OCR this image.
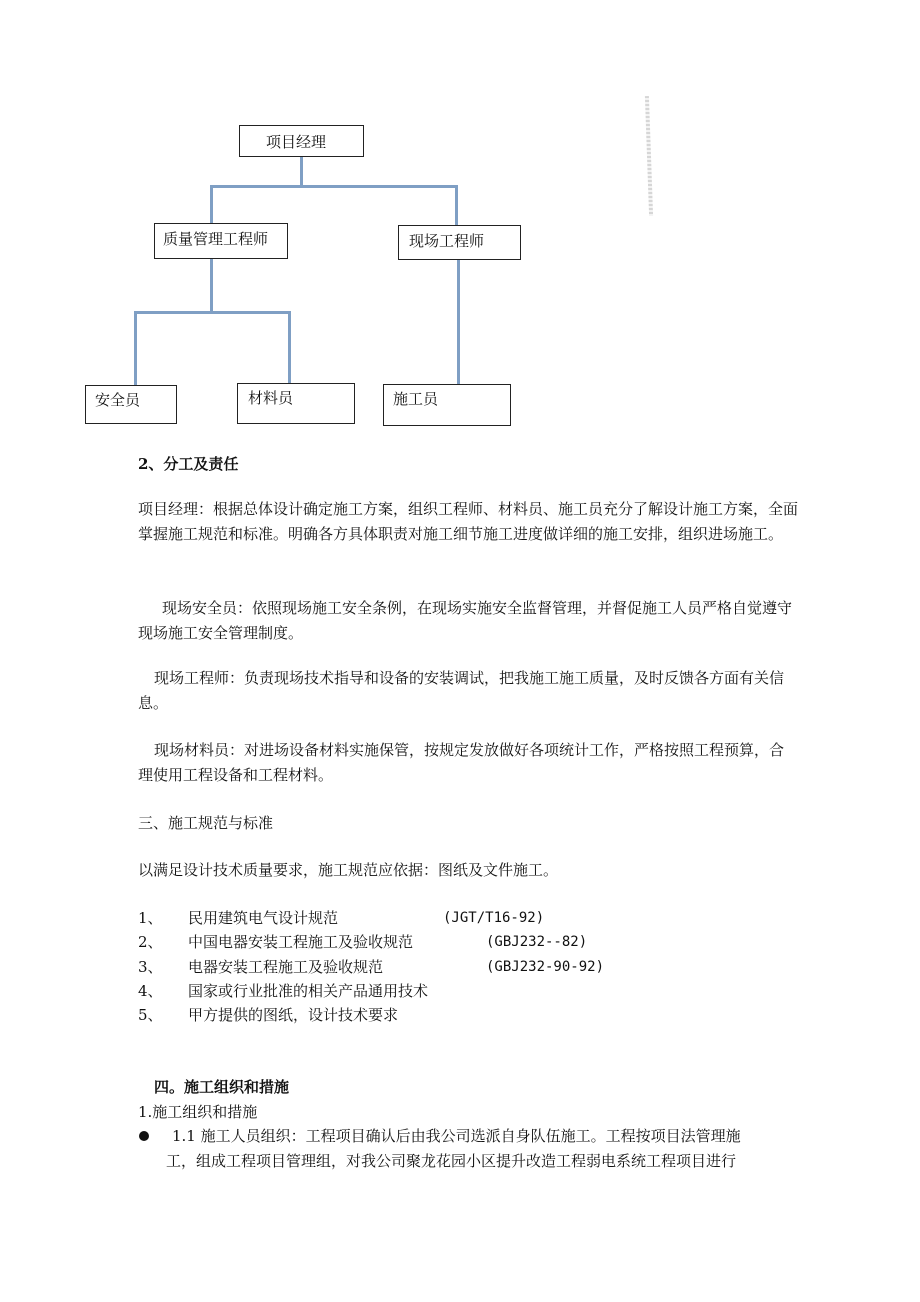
项目经理
质量管理工程师	现场工程师
安全员	材料员	施工员
2、分工及责任
项目经理：根据总体设计确定施工方案，组织工程师、材料员、施工员充分了解设计施工方案，全面掌握施工规范和标准。明确各方具体职责对施工细节施工进度做详细的施工安排，组织进场施工。
现场安全员：依照现场施工安全条例，在现场实施安全监督管理，并督促施工人员严格自觉遵守现场施工安全管理制度。
现场工程师：负责现场技术指导和设备的安装调试，把我施工施工质量，及时反馈各方面有关信息。
现场材料员：对进场设备材料实施保管，按规定发放做好各项统计工作，严格按照工程预算，合理使用工程设备和工程材料。
三、施工规范与标准
以满足设计技术质量要求，施工规范应依据：图纸及文件施工。
1、 民用建筑电气设计规范	(JGT/T16-92)
2、 中国电器安装工程施工及验收规范	(GBJ232--82)
3、 电器安装工程施工及验收规范	(GBJ232-90-92)
4、 国家或行业批准的相关产品通用技术
5、 甲方提供的图纸，设计技术要求
四。施工组织和措施
1.施工组织和措施
1.1 施工人员组织：工程项目确认后由我公司选派自身队伍施工。工程按项目法管理施
工，组成工程项目管理组，对我公司聚龙花园小区提升改造工程弱电系统工程项目进行
